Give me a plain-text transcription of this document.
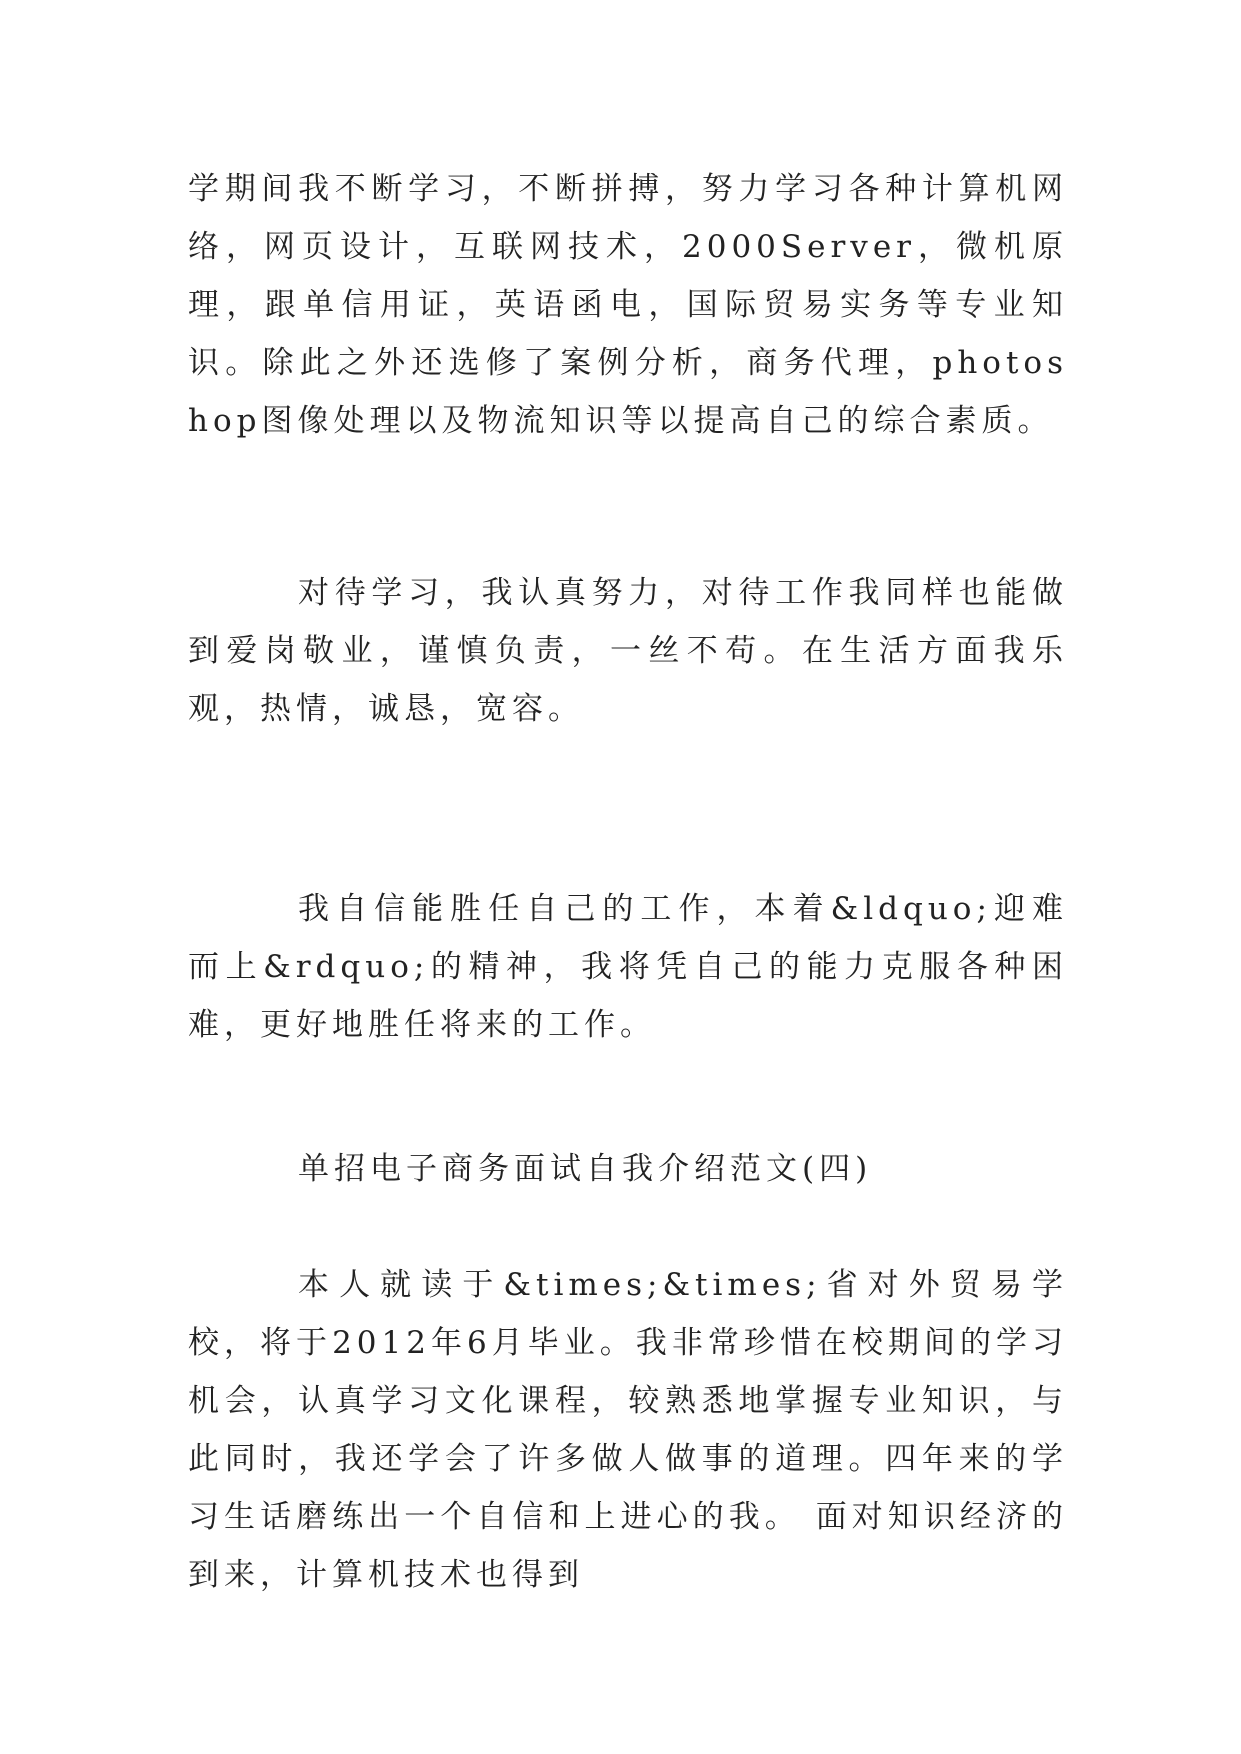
学期间我不断学习，不断拼搏，努力学习各种计算机网络，网页设计，互联网技术，2000Server，微机原理，跟单信用证，英语函电，国际贸易实务等专业知识。除此之外还选修了案例分析，商务代理，photoshop图像处理以及物流知识等以提高自己的综合素质。

对待学习，我认真努力，对待工作我同样也能做到爱岗敬业，谨慎负责，一丝不苟。在生活方面我乐观，热情，诚恳，宽容。

我自信能胜任自己的工作，本着&ldquo;迎难而上&rdquo;的精神，我将凭自己的能力克服各种困难，更好地胜任将来的工作。

单招电子商务面试自我介绍范文(四)

本人就读于&times;&times;省对外贸易学校，将于2012年6月毕业。我非常珍惜在校期间的学习机会，认真学习文化课程，较熟悉地掌握专业知识，与此同时，我还学会了许多做人做事的道理。四年来的学习生话磨练出一个自信和上进心的我。 面对知识经济的到来，计算机技术也得到
